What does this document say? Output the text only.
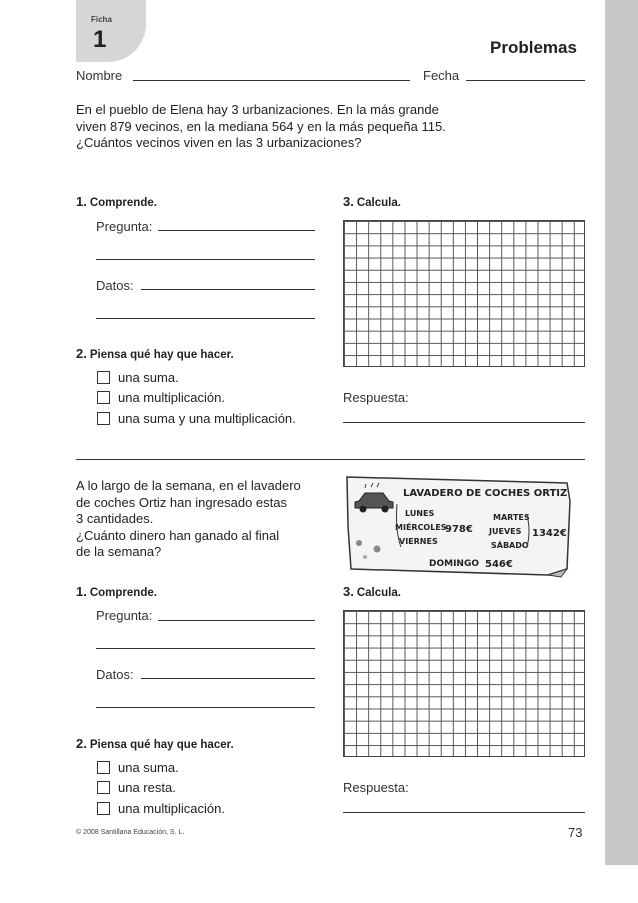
Ficha
1	Problemas
Nombre	Fecha
En el pueblo de Elena hay 3 urbanizaciones. En la más grande
viven 879 vecinos, en la mediana 564 y en la más pequeña 115.
¿Cuántos vecinos viven en las 3 urbanizaciones?
1. Comprende.
Pregunta:
Datos:
2. Piensa qué hay que hacer.
una suma.
una multiplicación.
una suma y una multiplicación.
3. Calcula.
Respuesta:
A lo largo de la semana, en el lavadero
de coches Ortiz han ingresado estas
3 cantidades.
¿Cuánto dinero han ganado al final
de la semana?
LAVADERO DE COCHES ORTIZ
LUNES
MIÉRCOLES
VIERNES
978€
MARTES
JUEVES
SÁBADO
1342€
DOMINGO 546€
1. Comprende.
Pregunta:
Datos:
2. Piensa qué hay que hacer.
una suma.
una resta.
una multiplicación.
3. Calcula.
Respuesta:
© 2008 Santillana Educación, S. L.	73
